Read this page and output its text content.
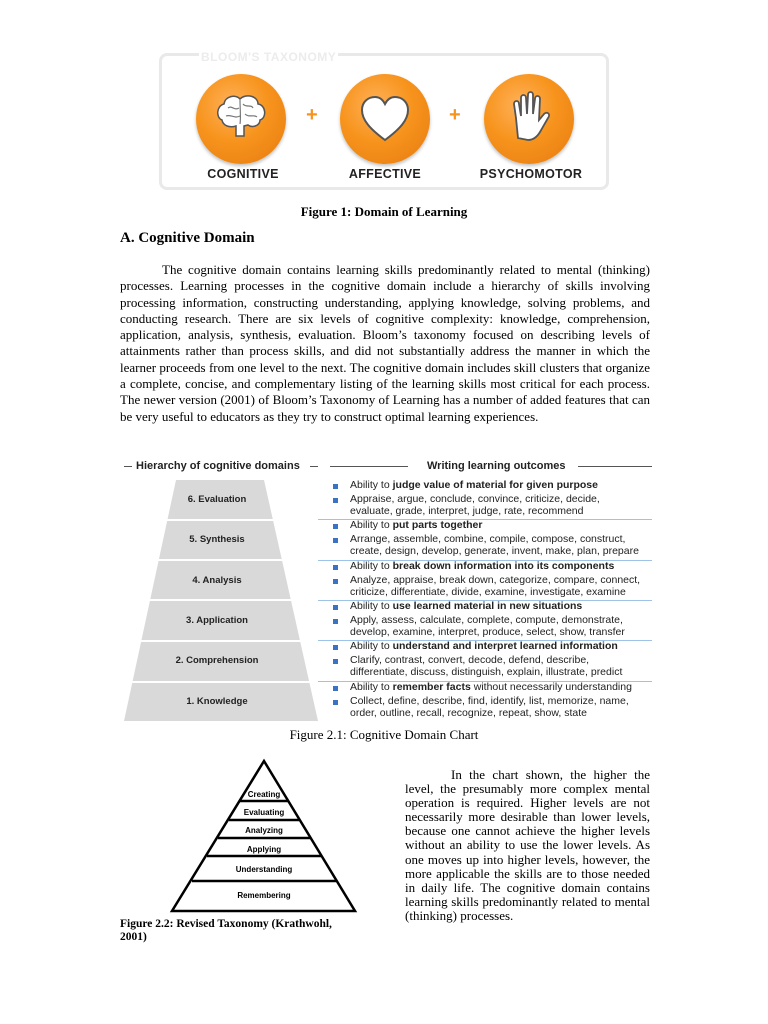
BLOOM'S TAXONOMY
+	+
COGNITIVE	AFFECTIVE	PSYCHOMOTOR
Figure 1: Domain of Learning
A. Cognitive Domain
The cognitive domain contains learning skills predominantly related to mental (thinking) processes. Learning processes in the cognitive domain include a hierarchy of skills involving processing information, constructing understanding, applying knowledge, solving problems, and conducting research. There are six levels of cognitive complexity: knowledge, comprehension, application, analysis, synthesis, evaluation. Bloom’s taxonomy focused on describing levels of attainments rather than process skills, and did not substantially address the manner in which the learner proceeds from one level to the next. The cognitive domain includes skill clusters that organize a complete, concise, and complementary listing of the learning skills most critical for each process. The newer version (2001) of Bloom’s Taxonomy of Learning has a number of added features that can be very useful to educators as they try to construct optimal learning experiences.
Hierarchy of cognitive domains	Writing learning outcomes
6. Evaluation
Ability to judge value of material for given purpose
Appraise, argue, conclude, convince, criticize, decide,
evaluate, grade, interpret, judge, rate, recommend
5. Synthesis
Ability to put parts together
Arrange, assemble, combine, compile, compose, construct,
create, design, develop, generate, invent, make, plan, prepare
4. Analysis
Ability to break down information into its components
Analyze, appraise, break down, categorize, compare, connect,
criticize, differentiate, divide, examine, investigate, examine
3. Application
Ability to use learned material in new situations
Apply, assess, calculate, complete, compute, demonstrate,
develop, examine, interpret, produce, select, show, transfer
2. Comprehension
Ability to understand and interpret learned information
Clarify, contrast, convert, decode, defend, describe,
differentiate, discuss, distinguish, explain, illustrate, predict
1. Knowledge
Ability to remember facts without necessarily understanding
Collect, define, describe, find, identify, list, memorize, name,
order, outline, recall, recognize, repeat, show, state
Figure 2.1: Cognitive Domain Chart
Creating
Evaluating
Analyzing
Applying
Understanding
Remembering
Figure 2.2: Revised Taxonomy (Krathwohl, 2001)
In the chart shown, the higher the level, the presumably more complex mental operation is required. Higher levels are not necessarily more desirable than lower levels, because one cannot achieve the higher levels without an ability to use the lower levels. As one moves up into higher levels, however, the more applicable the skills are to those needed in daily life. The cognitive domain contains learning skills predominantly related to mental (thinking) processes.
